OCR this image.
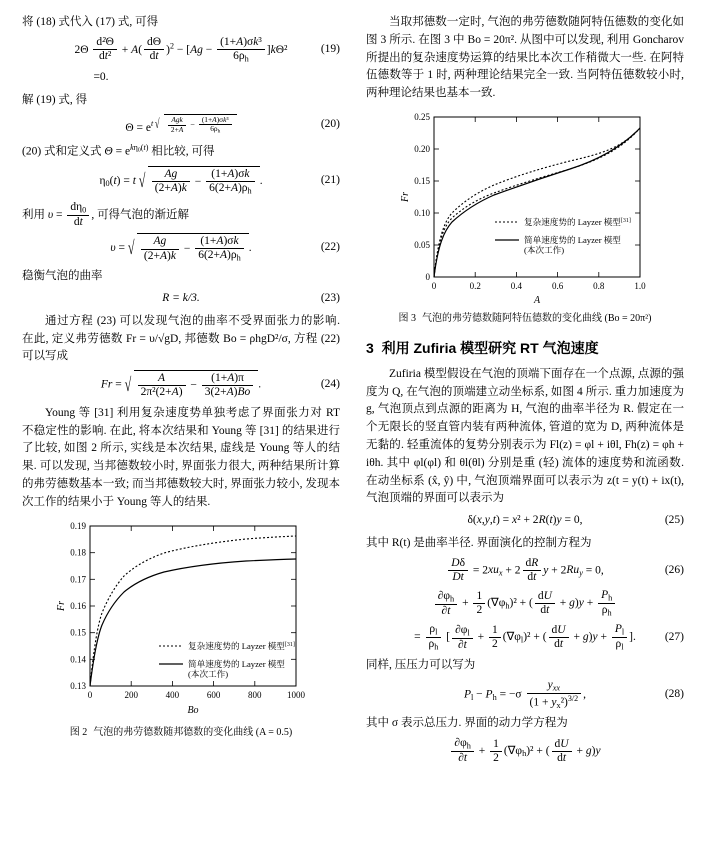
将 (18) 式代入 (17) 式, 可得

$2\Theta \frac{\text{d²Θ}}{\text{dt²}} + A( \frac{d\Theta}{dt} )^2 - [Ag - \frac{\text{(1+A)σk³}}{6\rho_h} ]k\Theta^2$	(19)
=0.

解 (19) 式, 得

$\Theta = e^{t √ \frac{\text{Agk}}{2+A} - \frac{\text{(1+A)σk³}}{6\rho_h}}$	(20)

(20) 式和定义式 $\Theta = e^{k\eta_0(t)}$ 相比较, 可得

$\eta_0(t) = t$ √ $\frac{Ag}{(2+A)k} - \frac{(1+A)\sigma k}{6(2+A)\rho_h}$ .	(21)

利用 $\upsilon = \frac{d\eta_0}{dt}$ , 可得气泡的渐近解

υ = √ $\frac{Ag}{(2+A)k} - \frac{(1+A)\sigma k}{6(2+A)\rho_h}$ .	(22)

稳衡气泡的曲率

R = k/3.	(23)

通过方程 (23) 可以发现气泡的曲率不受界面张力的影响. 在此, 定义弗劳德数 Fr = υ/√gD, 邦德数 Bo = ρhgD²/σ, 方程 (22) 可以写成

Fr = √ $\frac{A}{\text{2π²(2+A)}} - \frac{(1+A)\pi}{3(2+A)Bo}$ .	(24)

Young 等 [31] 利用复杂速度势单独考虑了界面张力对 RT 不稳定性的影响. 在此, 将本次结果和 Young 等 [31] 的结果进行了比较, 如图 2 所示, 实线是本次结果, 虚线是 Young 等人的结果. 可以发现, 当邦德数较小时, 界面张力很大, 两种结果所计算的弗劳德数基本一致; 而当邦德数较大时, 界面张力较小, 发现本次工作的结果小于 Young 等人的结果.

0.19
0.18
0.17
0.16
0.15
0.14
0.13
0	200	400	600	800	1000
Bo
Fr
复杂速度势的 Layzer 模型[31]
简单速度势的 Layzer 模型
(本次工作)
图 2 气泡的弗劳德数随邦德数的变化曲线 (A = 0.5)

当取邦德数一定时, 气泡的弗劳德数随阿特伍德数的变化如图 3 所示. 在图 3 中 Bo = 20π². 从图中可以发现, 利用 Goncharov 所提出的复杂速度势运算的结果比本次工作稍微大一些. 在阿特伍德数等于 1 时, 两种理论结果完全一致. 当阿特伍德数较小时, 两种理论结果也基本一致.

0.25
0.20
0.15
0.10
0.05
0
0	0.2	0.4	0.6	0.8	1.0
A
Fr
复杂速度势的 Layzer 模型[31]
简单速度势的 Layzer 模型
(本次工作)
图 3 气泡的弗劳德数随阿特伍德数的变化曲线 (Bo = 20π²)
3 利用 Zufiria 模型研究 RT 气泡速度

Zufiria 模型假设在气泡的顶端下面存在一个点源, 点源的强度为 Q, 在气泡的顶端建立动坐标系, 如图 4 所示. 重力加速度为 g, 气泡顶点到点源的距离为 H, 气泡的曲率半径为 R. 假定在一个无限长的竖直管内装有两种流体, 管道的宽为 D, 两种流体是无黏的. 轻重流体的复势分别表示为 Fl(z) = φl + iθl, Fh(z) = φh + iθh. 其中 φl(φl) 和 θl(θl) 分别是重 (轻) 流体的速度势和流函数. 在动坐标系 (x̂, ŷ) 中, 气泡顶端界面可以表示为 z(t = y(t) + ix(t), 气泡顶端的界面可以表示为

δ(x,y,t) = x² + 2R(t)y = 0,	(25)

其中 R(t) 是曲率半径. 界面演化的控制方程为

$\frac{D\delta}{Dt} = 2xu_x + 2 \frac{dR}{dt}$ $y + 2Ru_y = 0$,	(26)
$\frac{\partial\varphi_h}{\partial t} + \frac{1}{2} (\nabla\varphi_h)^2$ + ( $\frac{dU}{dt} + g)y + \frac{P_h}{\rho_h}$
= $\frac{\rho_l}{\rho_h}$ [ $\frac{\partial\varphi_l}{\partial t} + \frac{1}{2} (\nabla\varphi_l)^2$ + ( $\frac{dU}{dt} + g)y + \frac{P_l}{\rho_l}$ ].	(27)

同样, 压压力可以写为

$P_l - P_h = -\sigma \frac{y_{xx}}{(1 + y_x^2)^{3/2}}$ ,	(28)

其中 σ 表示总压力. 界面的动力学方程为

$\frac{\partial\varphi_h}{\partial t} + \frac{1}{2} (\nabla\varphi_h)^2$ + ( $\frac{dU}{dt} + g)y$
